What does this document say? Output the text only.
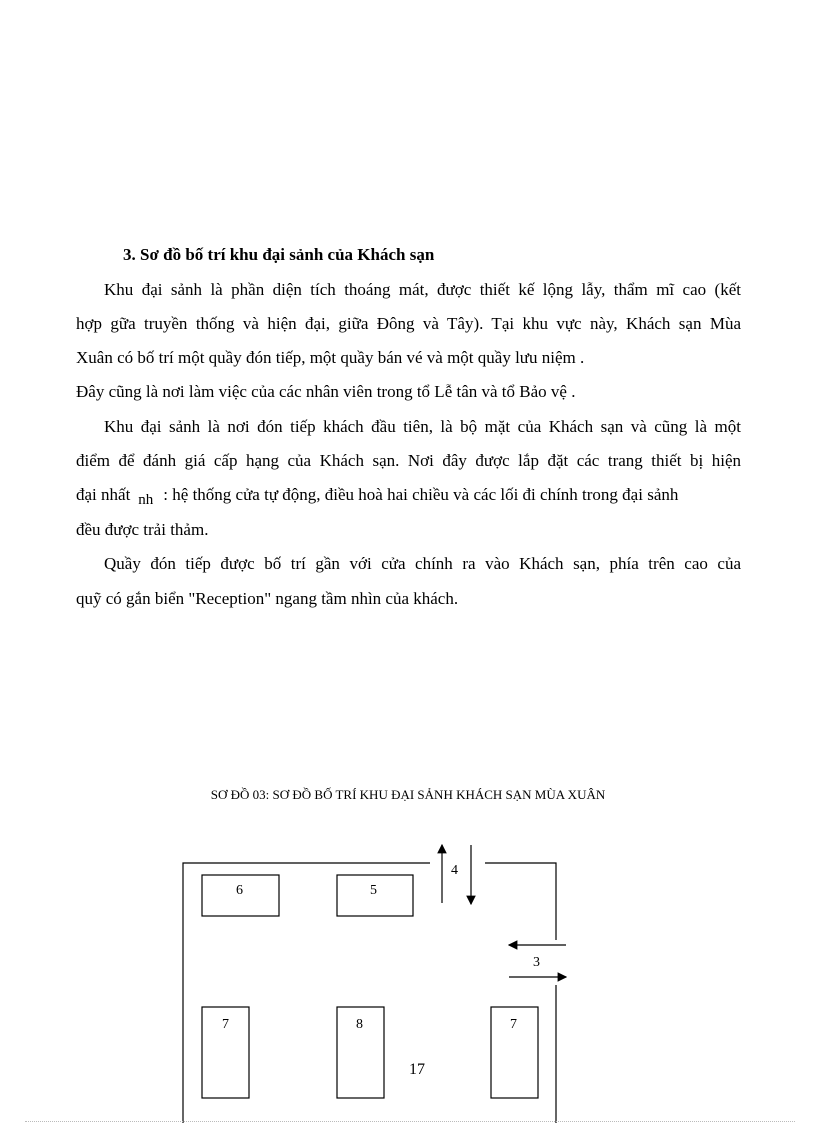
3. Sơ đồ bố trí khu đại sảnh của Khách sạn
Khu đại sảnh là phần diện tích thoáng mát, được thiết kế lộng lẫy, thẩm mĩ cao (kết
hợp gữa truyền thống và hiện đại, giữa Đông và Tây). Tại khu vực này, Khách sạn Mùa
Xuân có bố trí một quầy đón tiếp, một quầy bán vé và một quầy lưu niệm .
Đây cũng là nơi làm việc của các nhân viên trong tổ Lễ tân và tổ Bảo vệ .
Khu đại sảnh là nơi đón tiếp khách đầu tiên, là bộ mặt của Khách sạn và cũng là một
điểm để đánh giá cấp hạng của Khách sạn. Nơi đây được lắp đặt các trang thiết bị hiện
đại nhất nh : hệ thống cửa tự động, điều hoà hai chiều và các lối đi chính trong đại sảnh
đều được trải thảm.
Quầy đón tiếp được bố trí gần với cửa chính ra vào Khách sạn, phía trên cao của
quỹ có gắn biển "Reception" ngang tầm nhìn của khách.
SƠ ĐỒ 03: SƠ ĐỒ BỐ TRÍ KHU ĐẠI SẢNH KHÁCH SẠN MÙA XUÂN
4
3
6	5
7	8	7
17
